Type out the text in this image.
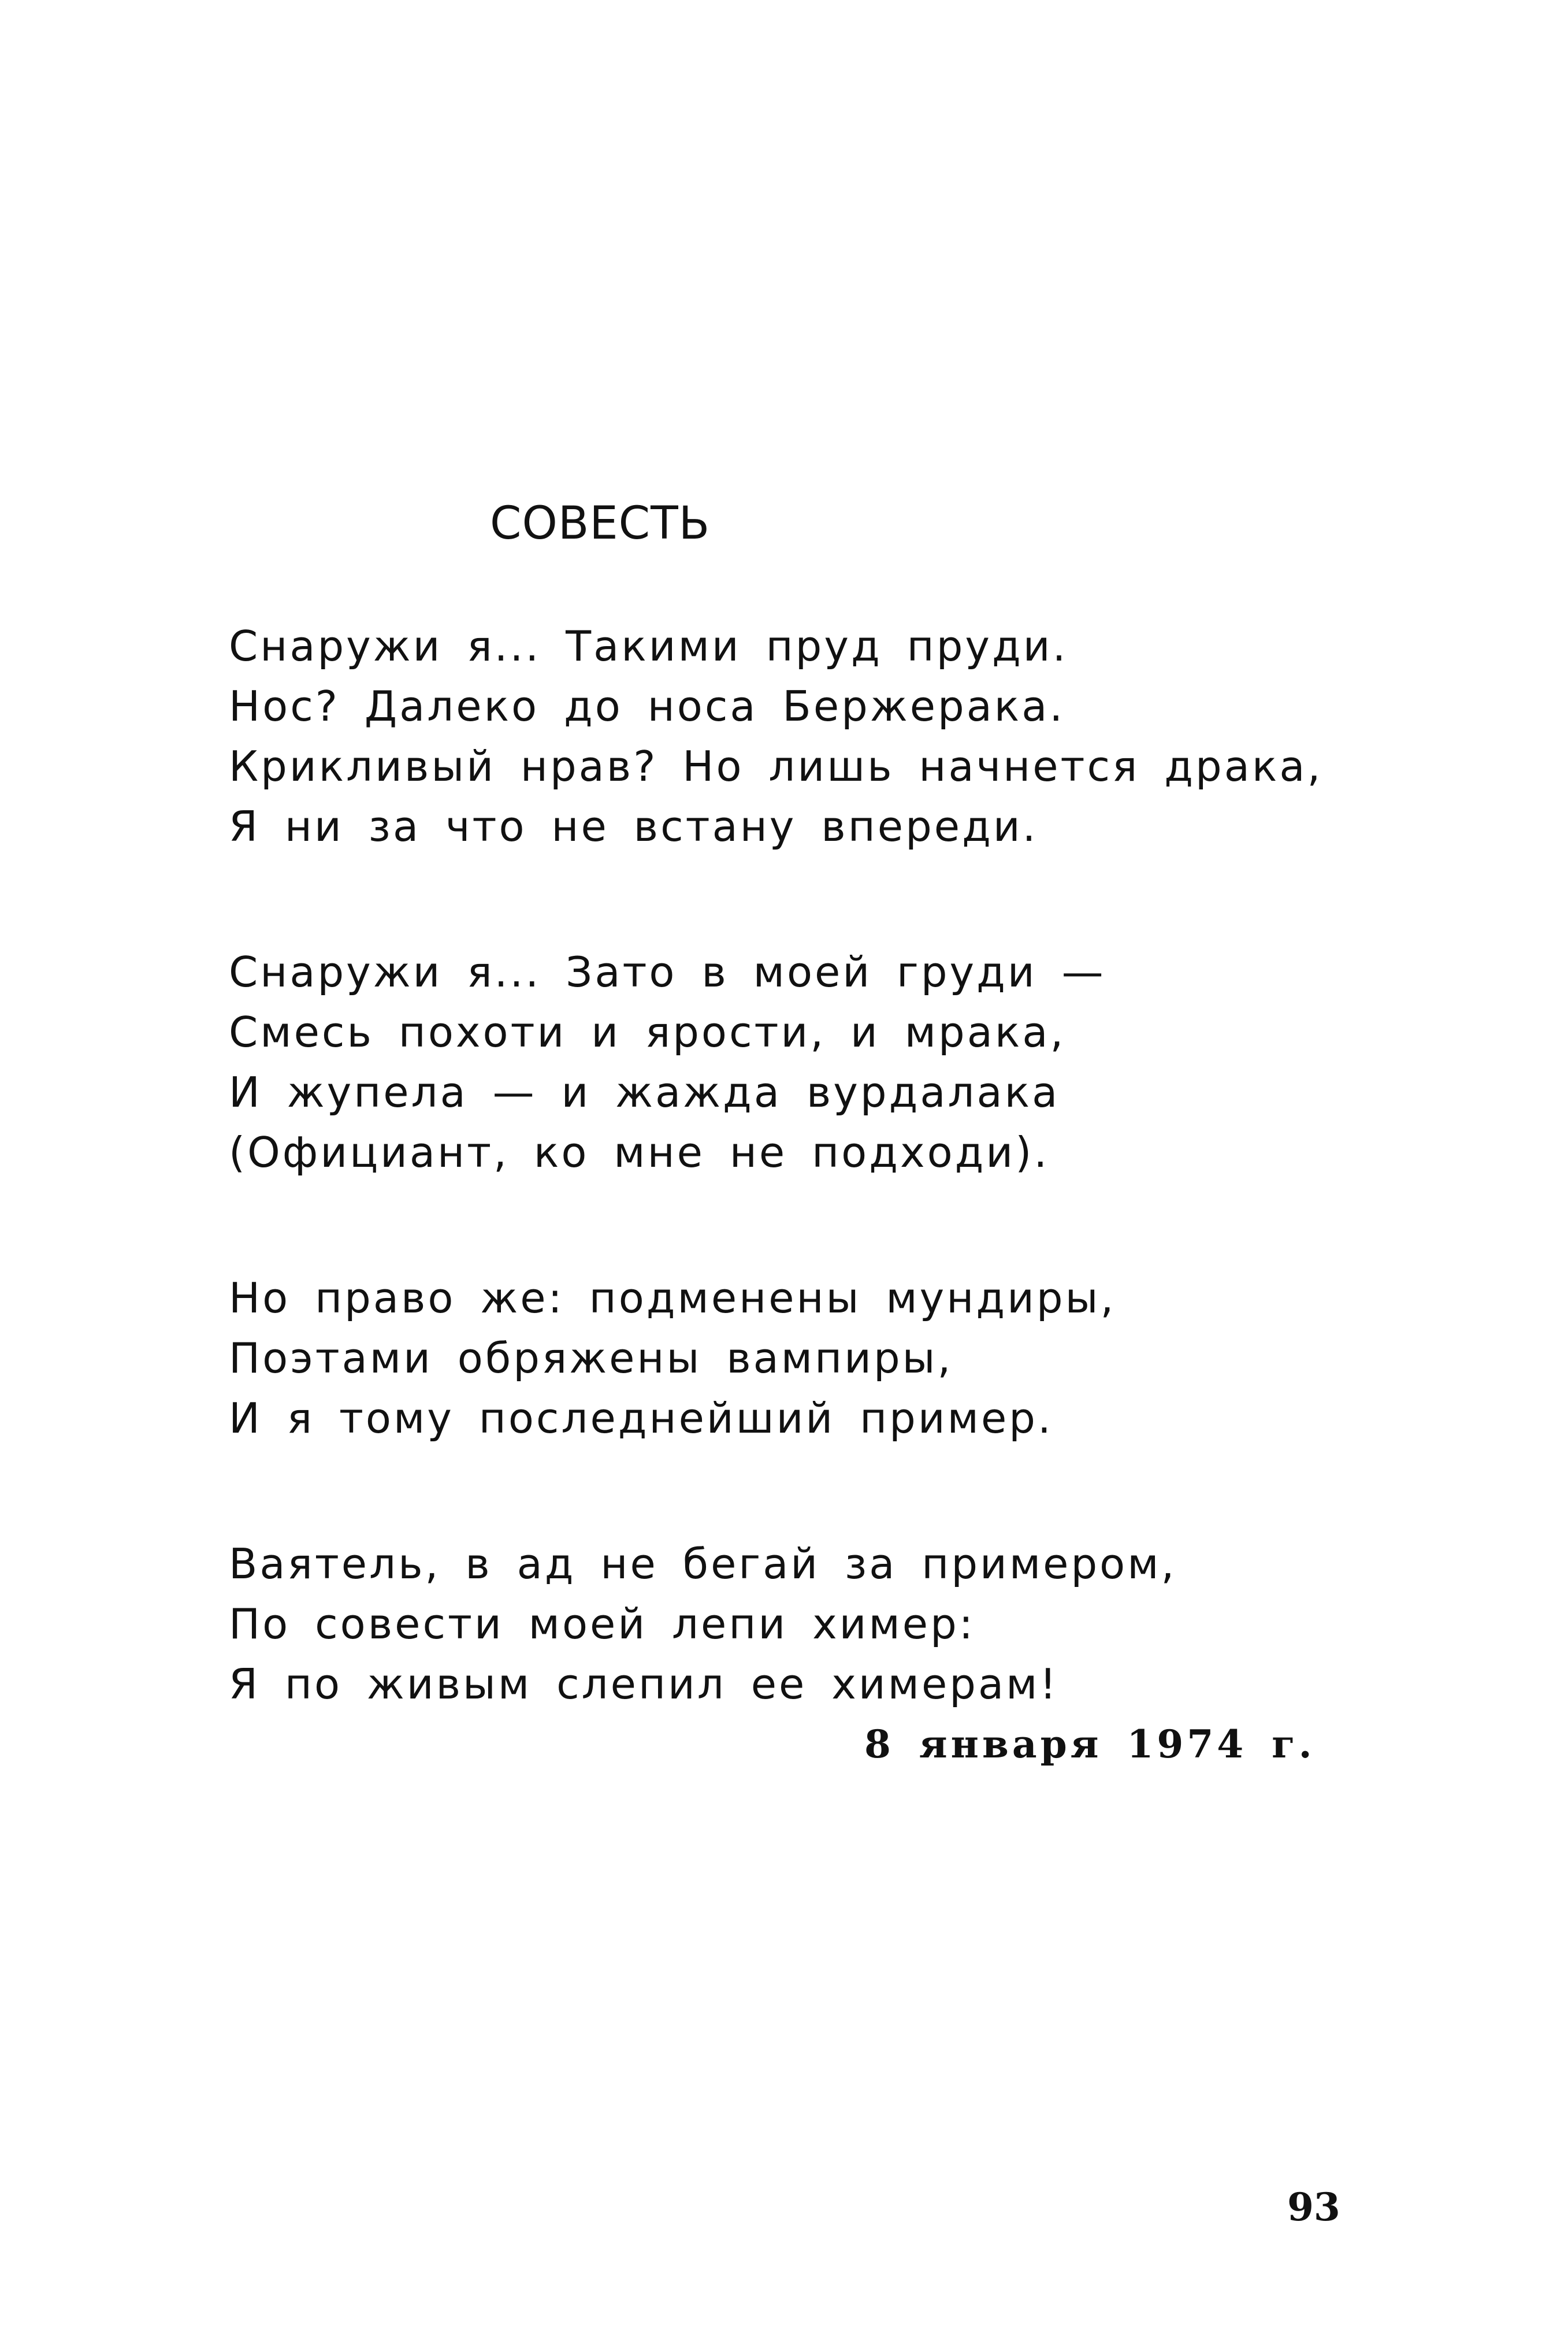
СОВЕСТЬ

Снаружи я... Такими пруд пруди.
Нос? Далеко до носа Бержерака.
Крикливый нрав? Но лишь начнется драка,
Я ни за что не встану впереди.

Снаружи я... Зато в моей груди —
Смесь похоти и ярости, и мрака,
И жупела — и жажда вурдалака
(Официант, ко мне не подходи).

Но право же: подменены мундиры,
Поэтами обряжены вампиры,
И я тому последнейший пример.

Ваятель, в ад не бегай за примером,
По совести моей лепи химер:
Я по живым слепил ее химерам!

8 января 1974 г.

93
